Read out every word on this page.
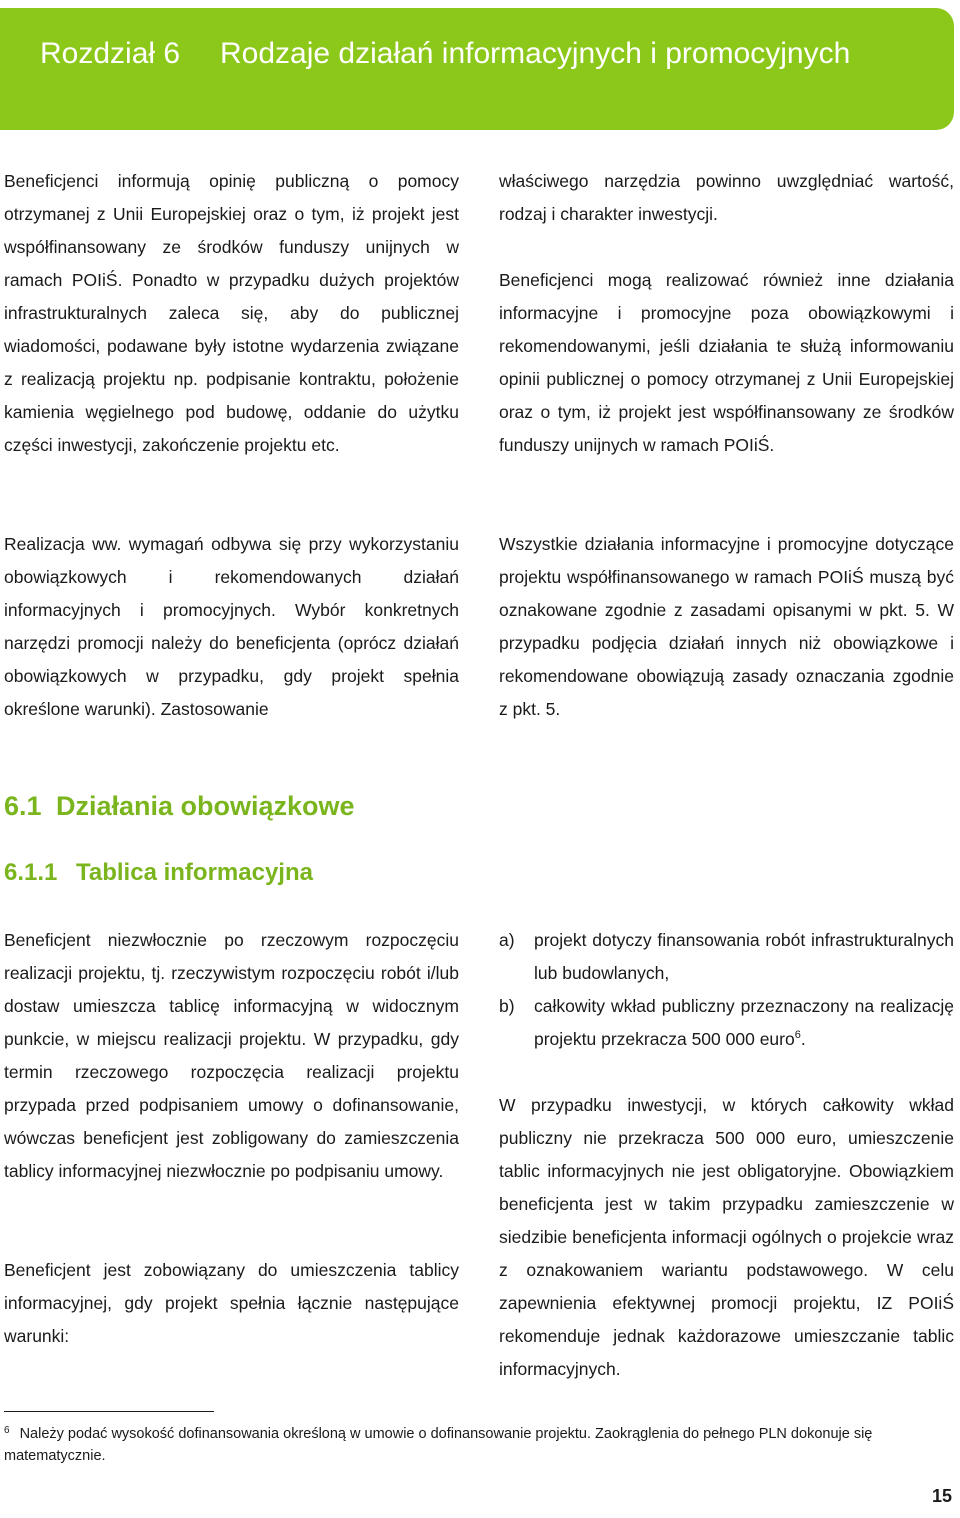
Rozdział 6 Rodzaje działań informacyjnych i promocyjnych

Beneficjenci informują opinię publiczną o pomocy otrzymanej z Unii Europejskiej oraz o tym, iż projekt jest współfinansowany ze środków funduszy unijnych w ramach POIiŚ. Ponadto w przypadku dużych projektów infrastrukturalnych zaleca się, aby do publicznej wiadomości, podawane były istotne wydarzenia związane z realizacją projektu np. podpisanie kontraktu, położenie kamienia węgielnego pod budowę, oddanie do użytku części inwestycji, zakończenie projektu etc.

Realizacja ww. wymagań odbywa się przy wykorzystaniu obowiązkowych i rekomendowanych działań informacyjnych i promocyjnych. Wybór konkretnych narzędzi promocji należy do beneficjenta (oprócz działań obowiązkowych w przypadku, gdy projekt spełnia określone warunki). Zastosowanie

właściwego narzędzia powinno uwzględniać wartość, rodzaj i charakter inwestycji.

Beneficjenci mogą realizować również inne działania informacyjne i promocyjne poza obowiązkowymi i rekomendowanymi, jeśli działania te służą informowaniu opinii publicznej o pomocy otrzymanej z Unii Europejskiej oraz o tym, iż projekt jest współfinansowany ze środków funduszy unijnych w ramach POIiŚ.

Wszystkie działania informacyjne i promocyjne dotyczące projektu współfinansowanego w ramach POIiŚ muszą być oznakowane zgodnie z zasadami opisanymi w pkt. 5. W przypadku podjęcia działań innych niż obowiązkowe i rekomendowane obowiązują zasady oznaczania zgodnie z pkt. 5.

6.1 Działania obowiązkowe
6.1.1 Tablica informacyjna

Beneficjent niezwłocznie po rzeczowym rozpoczęciu realizacji projektu, tj. rzeczywistym rozpoczęciu robót i/lub dostaw umieszcza tablicę informacyjną w widocznym punkcie, w miejscu realizacji projektu. W przypadku, gdy termin rzeczowego rozpoczęcia realizacji projektu przypada przed podpisaniem umowy o dofinansowanie, wówczas beneficjent jest zobligowany do zamieszczenia tablicy informacyjnej niezwłocznie po podpisaniu umowy.

Beneficjent jest zobowiązany do umieszczenia tablicy informacyjnej, gdy projekt spełnia łącznie następujące warunki:

a) projekt dotyczy finansowania robót infrastrukturalnych lub budowlanych,
b) całkowity wkład publiczny przeznaczony na realizację projektu przekracza 500 000 euro$^6$.

W przypadku inwestycji, w których całkowity wkład publiczny nie przekracza 500 000 euro, umieszczenie tablic informacyjnych nie jest obligatoryjne. Obowiązkiem beneficjenta jest w takim przypadku zamieszczenie w siedzibie beneficjenta informacji ogólnych o projekcie wraz z oznakowaniem wariantu podstawowego. W celu zapewnienia efektywnej promocji projektu, IZ POIiŚ rekomenduje jednak każdorazowe umieszczanie tablic informacyjnych.

$^6$ Należy podać wysokość dofinansowania określoną w umowie o dofinansowanie projektu. Zaokrąglenia do pełnego PLN dokonuje się matematycznie.
15
